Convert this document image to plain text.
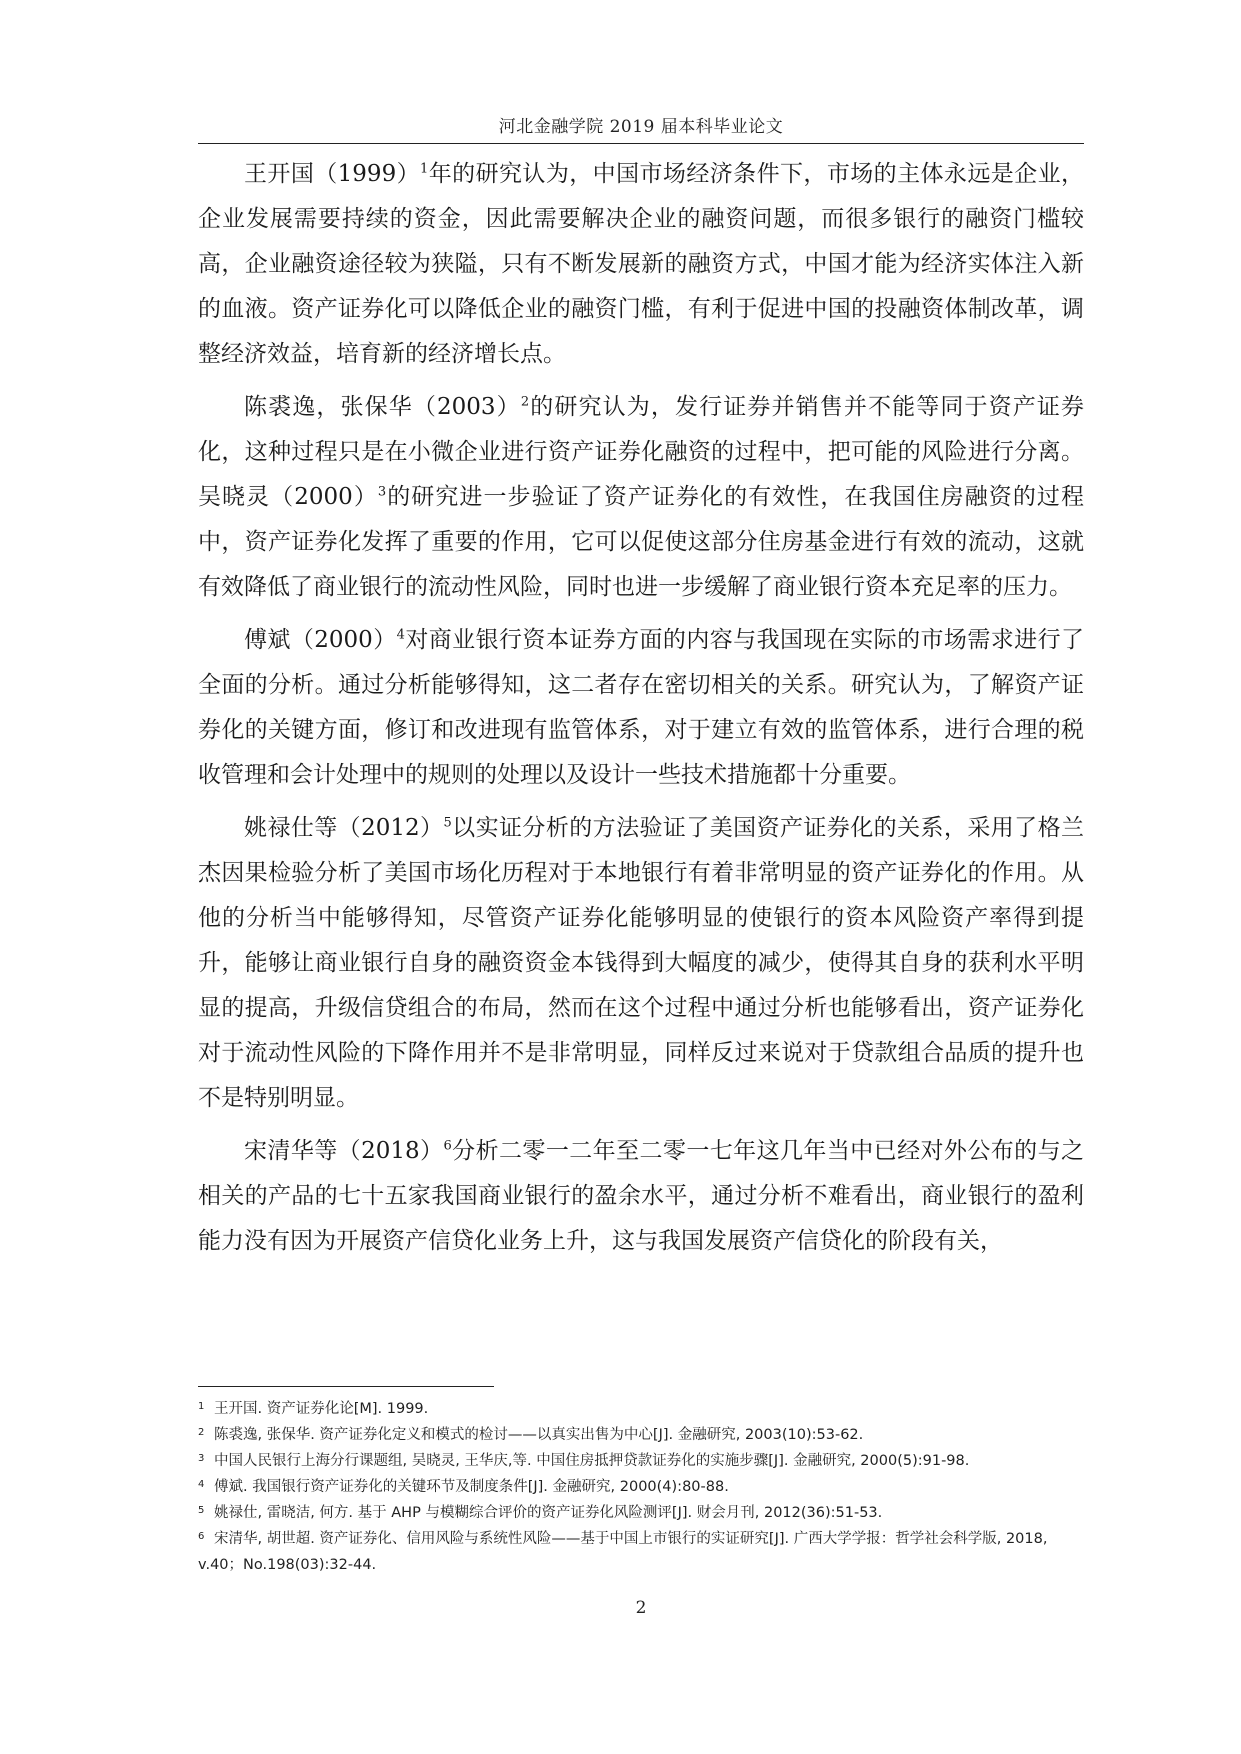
河北金融学院 2019 届本科毕业论文

王开国$(1999)^1$年的研究认为，中国市场经济条件下，市场的主体永远是企业，企业发展需要持续的资金，因此需要解决企业的融资问题，而很多银行的融资门槛较高，企业融资途径较为狭隘，只有不断发展新的融资方式，中国才能为经济实体注入新的血液。资产证券化可以降低企业的融资门槛，有利于促进中国的投融资体制改革，调整经济效益，培育新的经济增长点。

陈裘逸，张保华$(2003)^2$的研究认为，发行证券并销售并不能等同于资产证券化，这种过程只是在小微企业进行资产证券化融资的过程中，把可能的风险进行分离。吴晓灵$(2000)^3$的研究进一步验证了资产证券化的有效性，在我国住房融资的过程中，资产证券化发挥了重要的作用，它可以促使这部分住房基金进行有效的流动，这就有效降低了商业银行的流动性风险，同时也进一步缓解了商业银行资本充足率的压力。

傅斌$(2000)^4$对商业银行资本证券方面的内容与我国现在实际的市场需求进行了全面的分析。通过分析能够得知，这二者存在密切相关的关系。研究认为，了解资产证券化的关键方面，修订和改进现有监管体系，对于建立有效的监管体系，进行合理的税收管理和会计处理中的规则的处理以及设计一些技术措施都十分重要。

姚禄仕等$(2012)^5$以实证分析的方法验证了美国资产证券化的关系，采用了格兰杰因果检验分析了美国市场化历程对于本地银行有着非常明显的资产证券化的作用。从他的分析当中能够得知，尽管资产证券化能够明显的使银行的资本风险资产率得到提升，能够让商业银行自身的融资资金本钱得到大幅度的减少，使得其自身的获利水平明显的提高，升级信贷组合的布局，然而在这个过程中通过分析也能够看出，资产证券化对于流动性风险的下降作用并不是非常明显，同样反过来说对于贷款组合品质的提升也不是特别明显。

宋清华等$(2018)^6$分析二零一二年至二零一七年这几年当中已经对外公布的与之相关的产品的七十五家我国商业银行的盈余水平，通过分析不难看出，商业银行的盈利能力没有因为开展资产信贷化业务上升，这与我国发展资产信贷化的阶段有关，

1 王开国. 资产证券化论[M]. 1999.

2 陈裘逸, 张保华. 资产证券化定义和模式的检讨——以真实出售为中心[J]. 金融研究, 2003(10):53-62.

3 中国人民银行上海分行课题组, 吴晓灵, 王华庆,等. 中国住房抵押贷款证券化的实施步骤[J]. 金融研究, 2000(5):91-98.

4 傅斌. 我国银行资产证券化的关键环节及制度条件[J]. 金融研究, 2000(4):80-88.

5 姚禄仕, 雷晓洁, 何方. 基于 AHP 与模糊综合评价的资产证券化风险测评[J]. 财会月刊, 2012(36):51-53.

6 宋清华, 胡世超. 资产证券化、信用风险与系统性风险——基于中国上市银行的实证研究[J]. 广西大学学报：哲学社会科学版, 2018, v.40；No.198(03):32-44.

2
